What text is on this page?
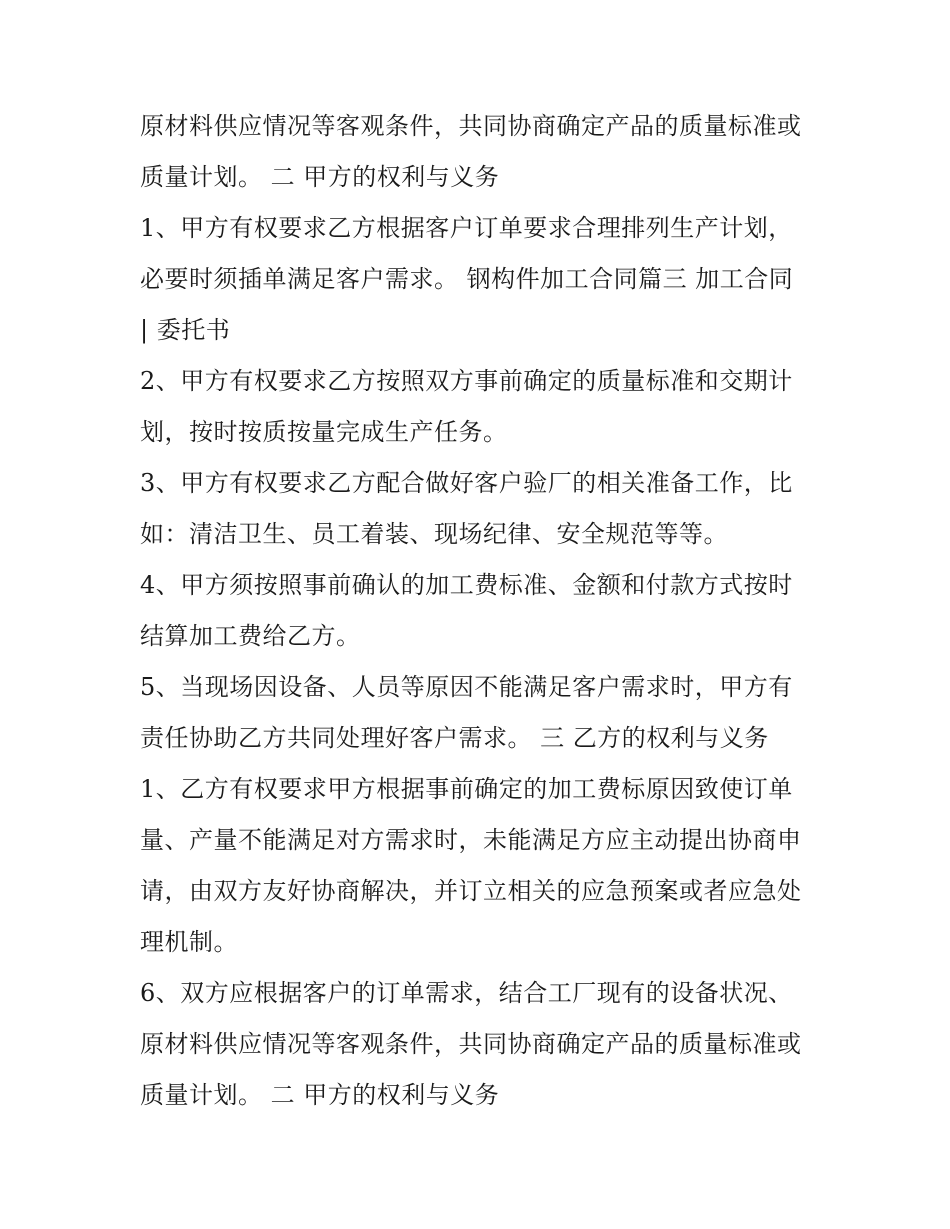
原材料供应情况等客观条件，共同协商确定产品的质量标准或
质量计划。 二 甲方的权利与义务
1、甲方有权要求乙方根据客户订单要求合理排列生产计划，
必要时须插单满足客户需求。 钢构件加工合同篇三 加工合同
| 委托书
2、甲方有权要求乙方按照双方事前确定的质量标准和交期计
划，按时按质按量完成生产任务。
3、甲方有权要求乙方配合做好客户验厂的相关准备工作，比
如：清洁卫生、员工着装、现场纪律、安全规范等等。
4、甲方须按照事前确认的加工费标准、金额和付款方式按时
结算加工费给乙方。
5、当现场因设备、人员等原因不能满足客户需求时，甲方有
责任协助乙方共同处理好客户需求。 三 乙方的权利与义务
1、乙方有权要求甲方根据事前确定的加工费标原因致使订单
量、产量不能满足对方需求时，未能满足方应主动提出协商申
请，由双方友好协商解决，并订立相关的应急预案或者应急处
理机制。
6、双方应根据客户的订单需求，结合工厂现有的设备状况、
原材料供应情况等客观条件，共同协商确定产品的质量标准或
质量计划。 二 甲方的权利与义务
